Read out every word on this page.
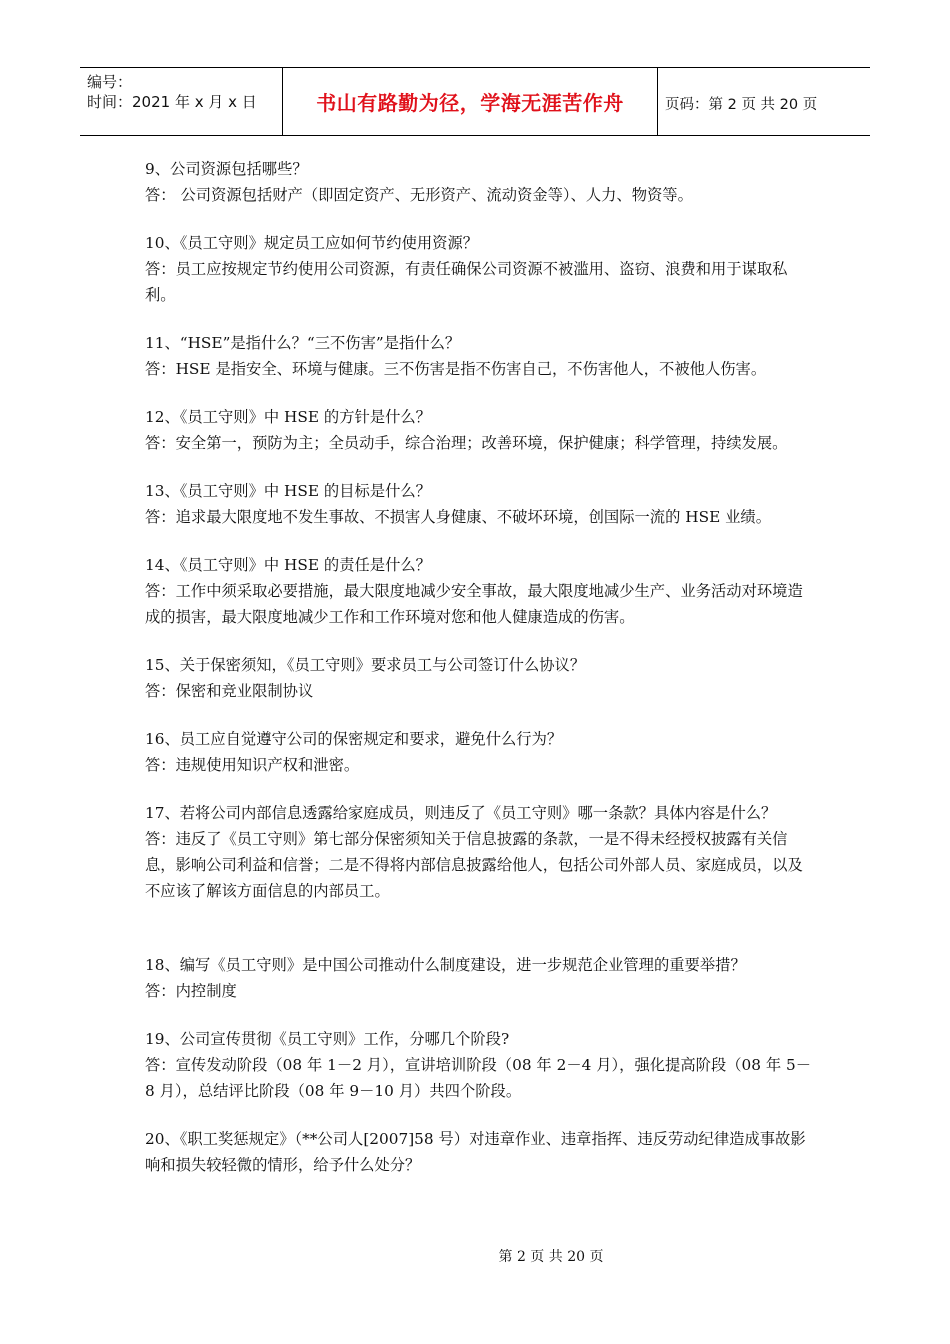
编号：
时间：2021 年 x 月 x 日	书山有路勤为径，学海无涯苦作舟	页码：第 2 页 共 20 页
9、公司资源包括哪些？
答： 公司资源包括财产（即固定资产、无形资产、流动资金等）、人力、物资等。
10、《员工守则》规定员工应如何节约使用资源？
答：员工应按规定节约使用公司资源，有责任确保公司资源不被滥用、盗窃、浪费和用于谋取私利。
11、“HSE”是指什么？“三不伤害”是指什么？
答：HSE 是指安全、环境与健康。三不伤害是指不伤害自己，不伤害他人，不被他人伤害。
12、《员工守则》中 HSE 的方针是什么？
答：安全第一，预防为主；全员动手，综合治理；改善环境，保护健康；科学管理，持续发展。
13、《员工守则》中 HSE 的目标是什么？
答：追求最大限度地不发生事故、不损害人身健康、不破坏环境，创国际一流的 HSE 业绩。
14、《员工守则》中 HSE 的责任是什么？
答：工作中须采取必要措施，最大限度地减少安全事故，最大限度地减少生产、业务活动对环境造成的损害，最大限度地减少工作和工作环境对您和他人健康造成的伤害。
15、关于保密须知，《员工守则》要求员工与公司签订什么协议？
答：保密和竞业限制协议
16、员工应自觉遵守公司的保密规定和要求，避免什么行为？
答：违规使用知识产权和泄密。
17、若将公司内部信息透露给家庭成员，则违反了《员工守则》哪一条款？具体内容是什么？
答：违反了《员工守则》第七部分保密须知关于信息披露的条款，一是不得未经授权披露有关信息，影响公司利益和信誉；二是不得将内部信息披露给他人，包括公司外部人员、家庭成员，以及不应该了解该方面信息的内部员工。
18、编写《员工守则》是中国公司推动什么制度建设，进一步规范企业管理的重要举措？
答：内控制度
19、公司宣传贯彻《员工守则》工作，分哪几个阶段?
答：宣传发动阶段（08 年 1－2 月），宣讲培训阶段（08 年 2－4 月），强化提高阶段（08 年 5－8 月），总结评比阶段（08 年 9－10 月）共四个阶段。
20、《职工奖惩规定》（**公司人[2007]58 号）对违章作业、违章指挥、违反劳动纪律造成事故影响和损失较轻微的情形，给予什么处分？
第 2 页 共 20 页
